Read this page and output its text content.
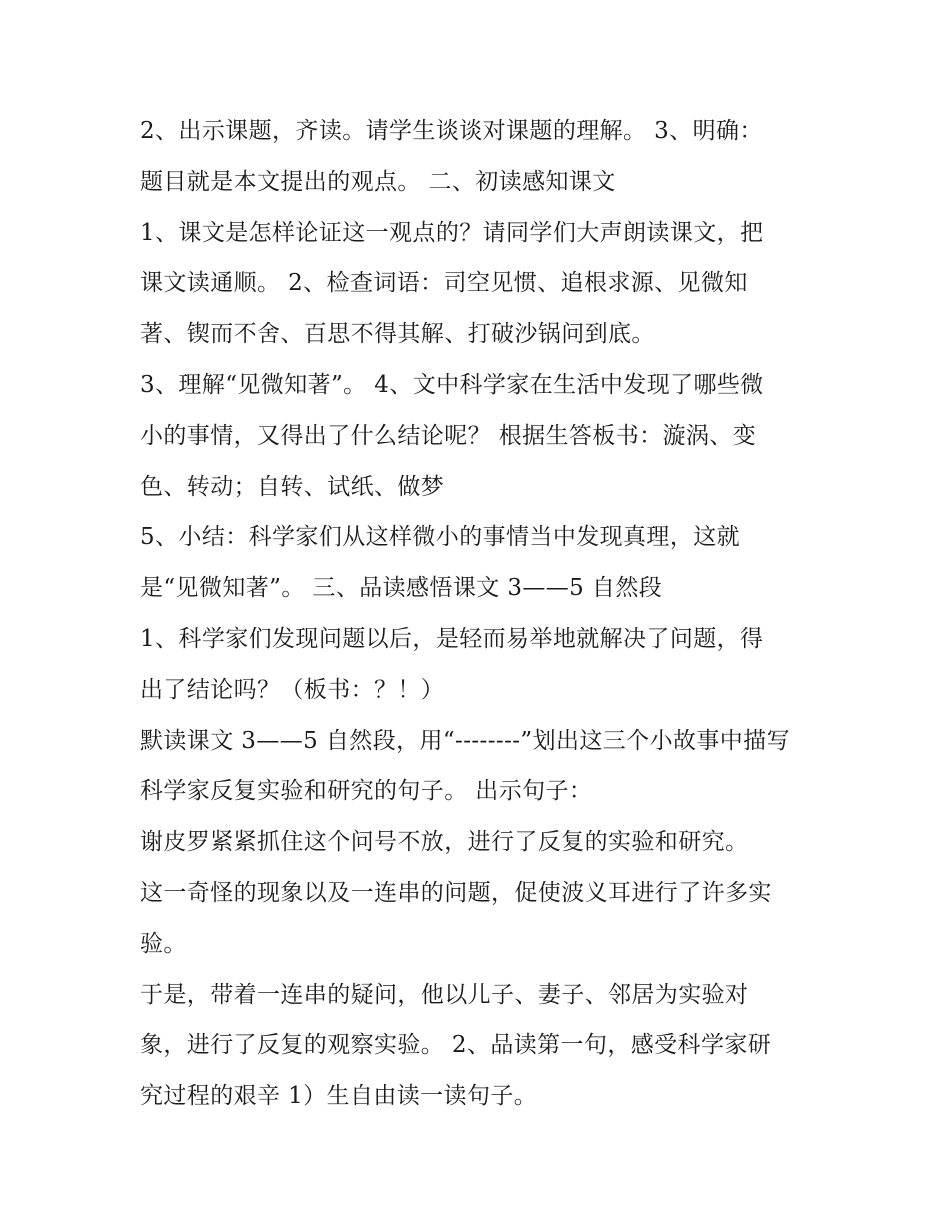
2、出示课题，齐读。请学生谈谈对课题的理解。 3、明确：
题目就是本文提出的观点。 二、初读感知课文
1、课文是怎样论证这一观点的？请同学们大声朗读课文，把
课文读通顺。 2、检查词语：司空见惯、追根求源、见微知
著、锲而不舍、百思不得其解、打破沙锅问到底。
3、理解“见微知著”。 4、文中科学家在生活中发现了哪些微
小的事情，又得出了什么结论呢？ 根据生答板书：漩涡、变
色、转动；自转、试纸、做梦
5、小结：科学家们从这样微小的事情当中发现真理，这就
是“见微知著”。 三、品读感悟课文 3——5 自然段
1、科学家们发现问题以后，是轻而易举地就解决了问题，得
出了结论吗？（板书：？！）
默读课文 3——5 自然段，用“--------”划出这三个小故事中描写
科学家反复实验和研究的句子。 出示句子：
谢皮罗紧紧抓住这个问号不放，进行了反复的实验和研究。
这一奇怪的现象以及一连串的问题，促使波义耳进行了许多实
验。
于是，带着一连串的疑问，他以儿子、妻子、邻居为实验对
象，进行了反复的观察实验。 2、品读第一句，感受科学家研
究过程的艰辛 1）生自由读一读句子。
